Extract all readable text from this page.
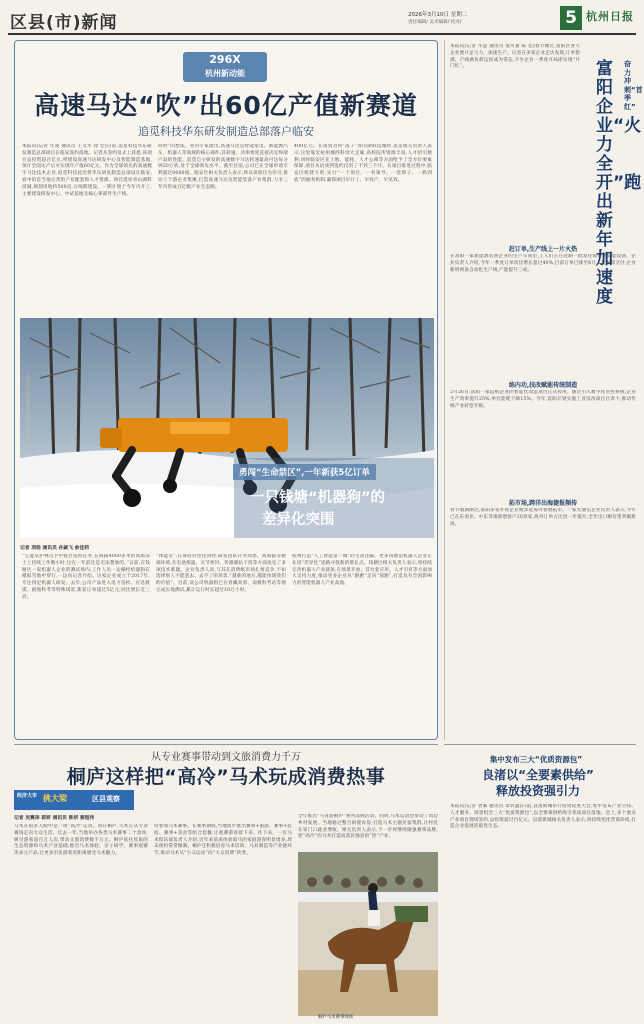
区县(市)新闻	2026年3月10日 星期二
责任编辑/ 美术编辑/ 校对/	5 杭州日报
296X
杭州新动能
高速马达“吹”出60亿产值新赛道
追觅科技华东研发制造总部落户临安
本报讯(记者 年凌 通讯员 王文华 徐 宏)日前,追觅科技华东研发制造总部项目在临安签约落地。记者从签约仪式上获悉,该项目总投资超百亿元,将建设高速马达研发中心及智能制造基地,预计全面达产后可实现年产值60亿元。作为全球领先的高速数字马达技术企业,追觅科技此次将华东研发制造总部设在临安,看中的是当地完善的产业配套和人才资源。项目选址青山湖科技城,规划用地约500亩,分两期建设。一期计划于今年内开工,主要建设研发中心、中试基地及核心零部件生产线。
同时”的想法。业内专家指出,高速马达是智能家电、新能源汽车、机器人等领域的核心部件,其转速、功率密度直接决定终端产品的性能。追觅自主研发的高速数字马达转速最高可达每分钟20万转,处于全球领先水平。截至目前,公司已在全球申请专利超过6000项。临安区相关负责人表示,将以该项目为牵引,推动上下游企业集聚,打造高速马达及智能装备产业集群,力争三年内形成百亿级产业生态圈。
400亿元。在谈到为何“落子”青山湖科技城时,追觅相关负责人表示,这里靠近杭州城西科创大走廊,高校院所资源丰富,人才招引便利;同时临安区在土地、能耗、人才公寓等方面给予了全方位要素保障,项目从洽谈到签约仅用了不到三个月。在项目推进过程中,临安区组建专班,实行“一个项目、一名领导、一套班子、一抓到底”的服务机制,确保项目早开工、早投产、早见效。
云深处科技机器狗在雪地中进行测试
勇闯“生命禁区”,一年新获5亿订单
一只钱塘“机器狗”的
差异化突围
记者 项杨 通讯员 孙颖飞 俞佳莉
“它能从护林员手中接过巡检任务,在海拔4000多米的高原冻土上持续工作数小时,这在一年前还是无法想象的。”日前,在钱塘区一家机器人企业的测试场内,工作人员一边操控机器狗在模拟雪地中穿行,一边向记者介绍。这家企业成立于2017年,专注四足机器人研发。去年,公司产品进入电力巡检、应急救援、极地科考等特殊场景,新获订单超过5亿元,同比增长近三倍。
“体能差”,在保持轻型化同时,研发团队针对高寒、高海拔等极端环境,在电池保温、关节密封、传感器抗干扰等方面攻克了多项技术难题。企业负责人说,与其在消费级市场扎堆竞争,不如选择别人不愿意去、去不了的场景,“越难的地方,越能体现我们的价值”。目前,该公司机器狗已在青藏高原、南极科考站等地完成实地测试,累计运行时长超过10万小时。
杭州打造“人工智能第一城”的生动注脚。更多钱塘造机器人企业正在用“差异化”思路寻找新的增长点。钱塘区相关负责人表示,将持续完善机器人产业链条,在场景开放、首台套应用、人才引育等方面加大支持力度,推动更多企业从“跟跑”走向“领跑”,打造具有全国影响力的智能机器人产业高地。
本报讯(记者 华慧 通讯员 童可嘉 陈 佳)春节刚过,富阳区各大企业便开足马力、加速生产。记者在多家企业走访发现,订单饱满、产线满负荷运转成为常态,不少企业一季度开局即实现“开门红”。	富阳企业“火力全开”跑出新年加速度
奋力冲刺“首季红”
赶订单,生产线上一片火热
在富阳一家新能源装备企业的生产车间里,工人们正在赶制一批发往海外的储能设备。企业负责人介绍,今年一季度订单同比增长超过40%,目前订单已排至6月。为保障交付,企业新增两条自动化生产线,产能提升三成。
练内功,技改赋能传统制造
2月26日,富阳一家造纸企业的智能化改造项目正式投用。通过引入数字化管控系统,企业生产效率提升25%,单位能耗下降15%。今年,富阳计划实施工业技改项目百余个,推动传统产业转型升级。
拓市场,跨洋出海捷报频传
春节假期刚过,富阳多家外贸企业便奔赴海外参展拓市。一家光通信企业负责人表示,今年已在东南亚、中东等地新增客户20余家,海外订单占比进一步提升,全年出口额有望突破新高。
集中发布三大“优质资源包”
良渚以“全要素供给”
释放投资强引力
本报讯(记者 曾素 通讯员 余玖鑫)日前,良渚新城举行投资促进大会,集中发布产业空间、人才服务、场景机会三大“优质资源包”,以全要素供给吸引优质项目落地。会上,多个重点产业项目现场签约,总投资超过百亿元。良渚新城相关负责人表示,将持续优化营商环境,打造企业发展的最优生态。
从专业赛事带动到文旅消费力千万
桐庐这样把“高冷”马术玩成消费热事
经济大市 挑大梁	区县观察
记者 吴赛泽 郭妍 通讯员 陈妍 蔡程伟
马术在很多人眼中是一项“高冷”运动。而在桐庐,马术正从专业赛场走向大众生活。过去一年,当地举办各类马术赛事二十余场,吸引游客超百万人次,带动文旅消费数千万元。桐庐依托优质的生态资源和马术产业基础,推出马术体验、亲子研学、赛事观赛等多元产品,让更多市民游客近距离感受马术魅力。
持参加马术赛事。在赛事期间,当地同步推出赛事+旅游、赛事+民宿、赛事+美食等组合套餐,让观赛游客留下来、住下来。一位马术俱乐部负责人介绍,近年来前来体验骑马的家庭游客明显增多,周末预约常常爆满。桐庐还积极培育马术培训、马具制造等产业链环节,推动马术从“小众运动”向“大众消费”转变。
全年推出“马背游桐庐”系列品牌活动。同时,马术运动也带动了周边乡村发展。当地通过整合闲置农房,打造马术主题民宿集群,让村民在家门口就业增收。相关负责人表示,下一步将继续做强赛事品牌,把“高冷”的马术打造成富民强县的“热”产业。
桐庐马术赛事现场
